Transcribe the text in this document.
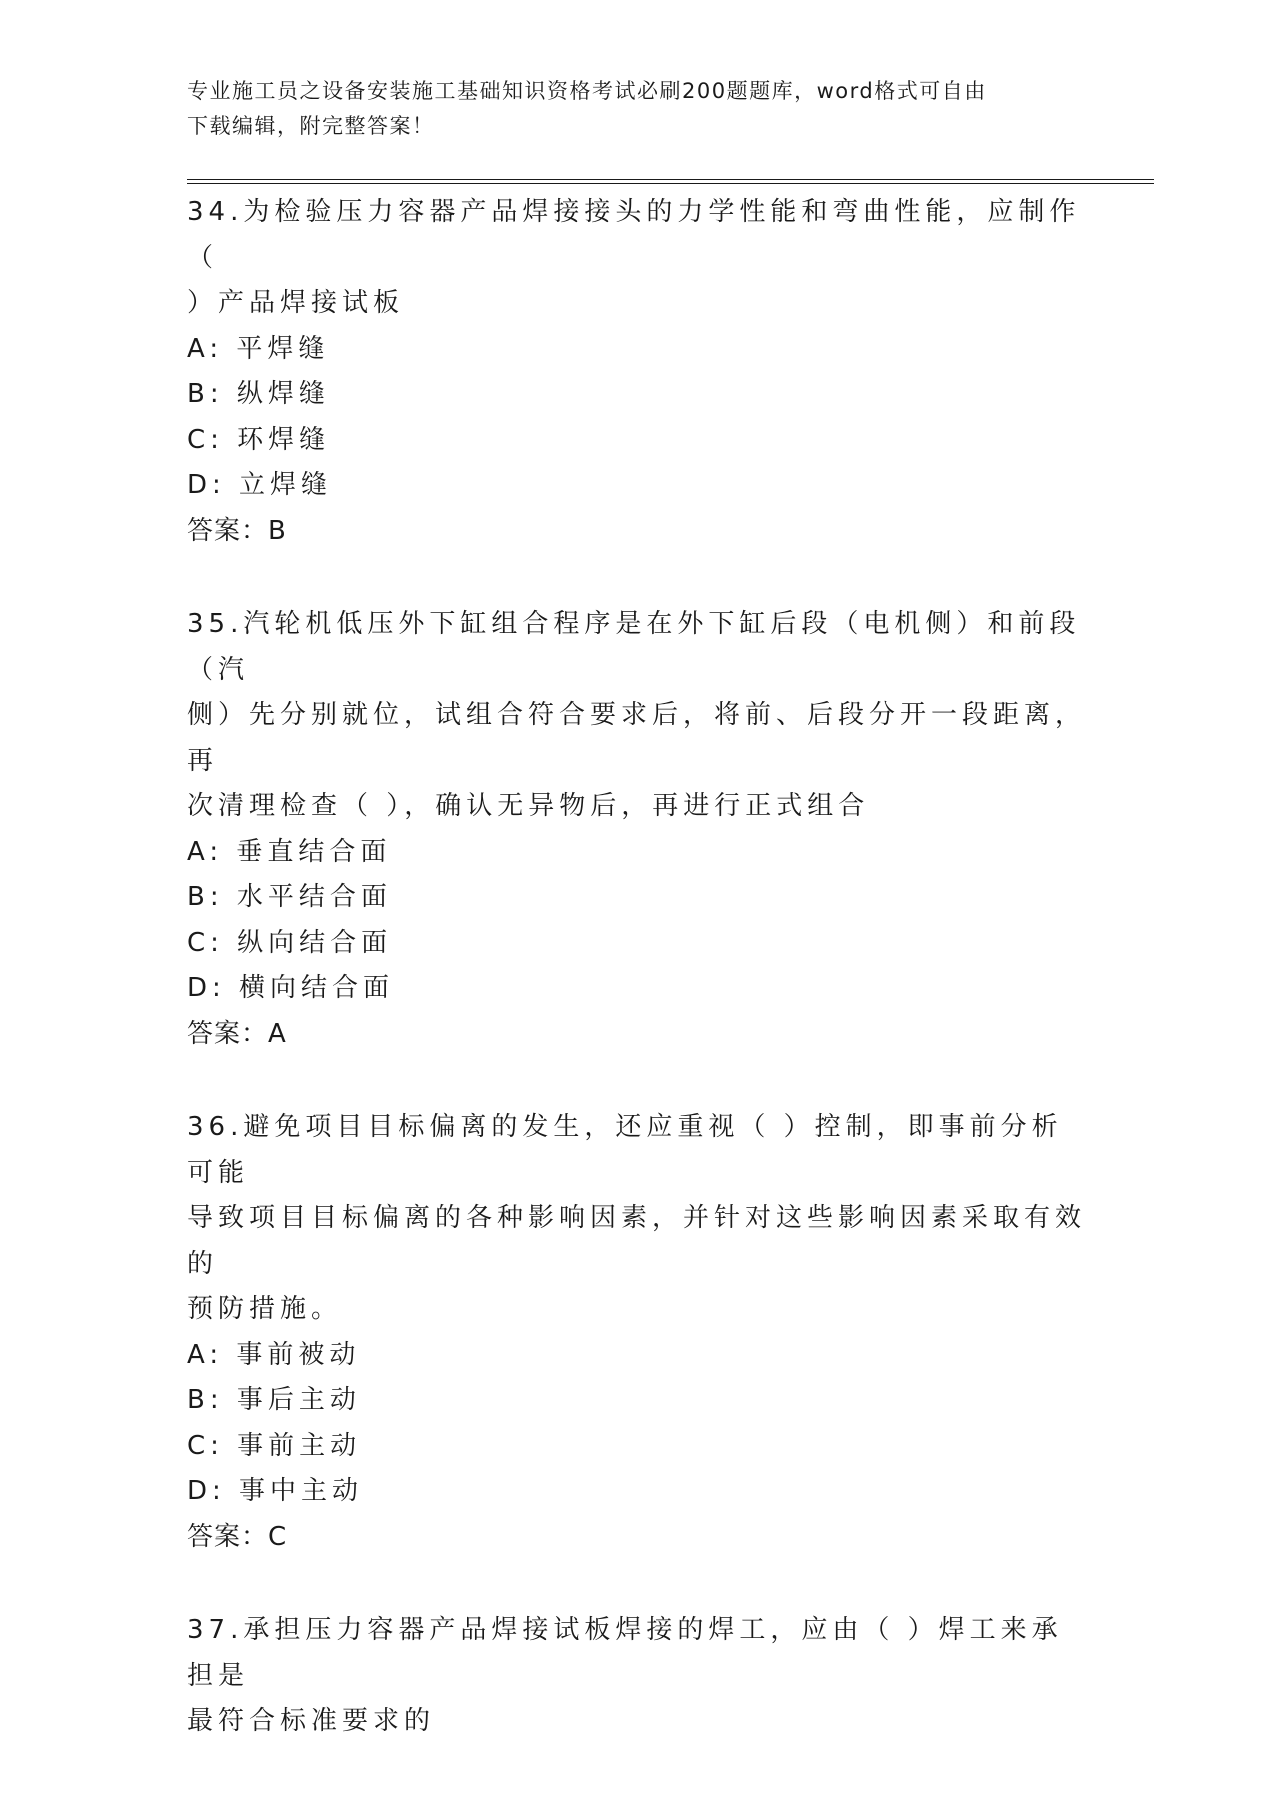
专业施工员之设备安装施工基础知识资格考试必刷200题题库，word格式可自由
下载编辑，附完整答案！

34.为检验压力容器产品焊接接头的力学性能和弯曲性能，应制作（
）产品焊接试板

A: 平焊缝
B: 纵焊缝
C: 环焊缝
D: 立焊缝

答案：B

35.汽轮机低压外下缸组合程序是在外下缸后段（电机侧）和前段（汽
侧）先分别就位，试组合符合要求后，将前、后段分开一段距离，再
次清理检查（ ），确认无异物后，再进行正式组合

A: 垂直结合面
B: 水平结合面
C: 纵向结合面
D: 横向结合面

答案：A

36.避免项目目标偏离的发生，还应重视（ ）控制，即事前分析可能
导致项目目标偏离的各种影响因素，并针对这些影响因素采取有效的
预防措施。

A: 事前被动
B: 事后主动
C: 事前主动
D: 事中主动

答案：C

37.承担压力容器产品焊接试板焊接的焊工，应由（ ）焊工来承担是
最符合标准要求的
